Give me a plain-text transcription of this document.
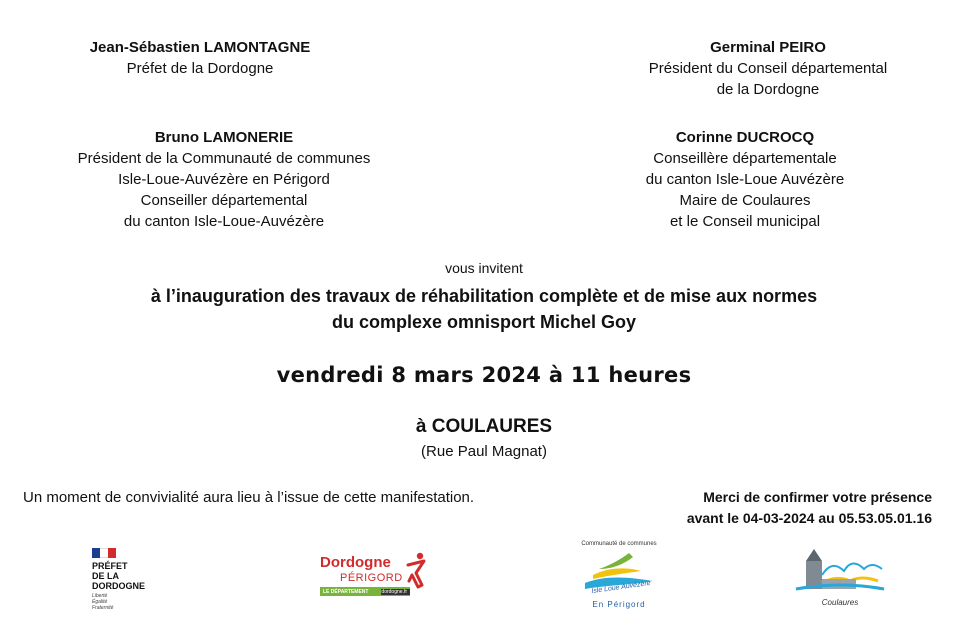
Jean-Sébastien LAMONTAGNE
Préfet de la Dordogne
Germinal PEIRO
Président du Conseil départemental
de la Dordogne
Bruno LAMONERIE
Président de la Communauté de communes
Isle-Loue-Auvézère en Périgord
Conseiller départemental
du canton Isle-Loue-Auvézère
Corinne DUCROCQ
Conseillère départementale
du canton Isle-Loue Auvézère
Maire de Coulaures
et le Conseil municipal
vous invitent
à l’inauguration des travaux de réhabilitation complète et de mise aux normes
du complexe omnisport Michel Goy
vendredi 8 mars 2024 à 11 heures
à COULAURES
(Rue Paul Magnat)
Un moment de convivialité aura lieu à l’issue de cette manifestation.	Merci de confirmer votre présence
avant le 04-03-2024 au 05.53.05.01.16
PRÉFET
DE LA
DORDOGNE
Liberté
Égalité
Fraternité
Dordogne
PÉRIGORD
LE DÉPARTEMENT	dordogne.fr
Communauté de communes
Isle Loue Auvézère
En Périgord	Coulaures
